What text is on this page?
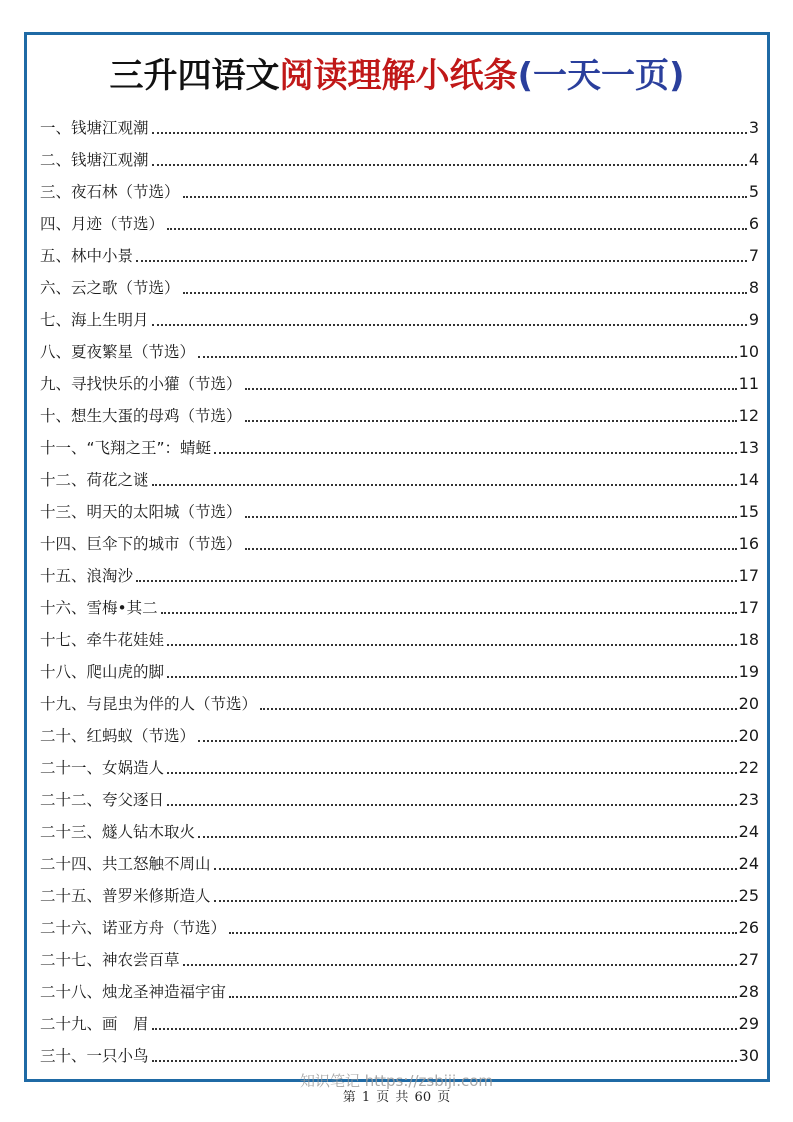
三升四语文阅读理解小纸条(一天一页)
一、钱塘江观潮	3
二、钱塘江观潮	4
三、夜石林（节选）	5
四、月迹（节选）	6
五、林中小景	7
六、云之歌（节选）	8
七、海上生明月	9
八、夏夜繁星（节选）	10
九、寻找快乐的小獾（节选）	11
十、想生大蛋的母鸡（节选）	12
十一、“飞翔之王”：蜻蜓	13
十二、荷花之谜	14
十三、明天的太阳城（节选）	15
十四、巨伞下的城市（节选）	16
十五、浪淘沙	17
十六、雪梅•其二	17
十七、牵牛花娃娃	18
十八、爬山虎的脚	19
十九、与昆虫为伴的人（节选）	20
二十、红蚂蚁（节选）	20
二十一、女娲造人	22
二十二、夸父逐日	23
二十三、燧人钻木取火	24
二十四、共工怒触不周山	24
二十五、普罗米修斯造人	25
二十六、诺亚方舟（节选）	26
二十七、神农尝百草	27
二十八、烛龙圣神造福宇宙	28
二十九、画　眉	29
三十、一只小鸟	30
知识笔记 https://zsbiji.com
第 1 页 共 60 页
